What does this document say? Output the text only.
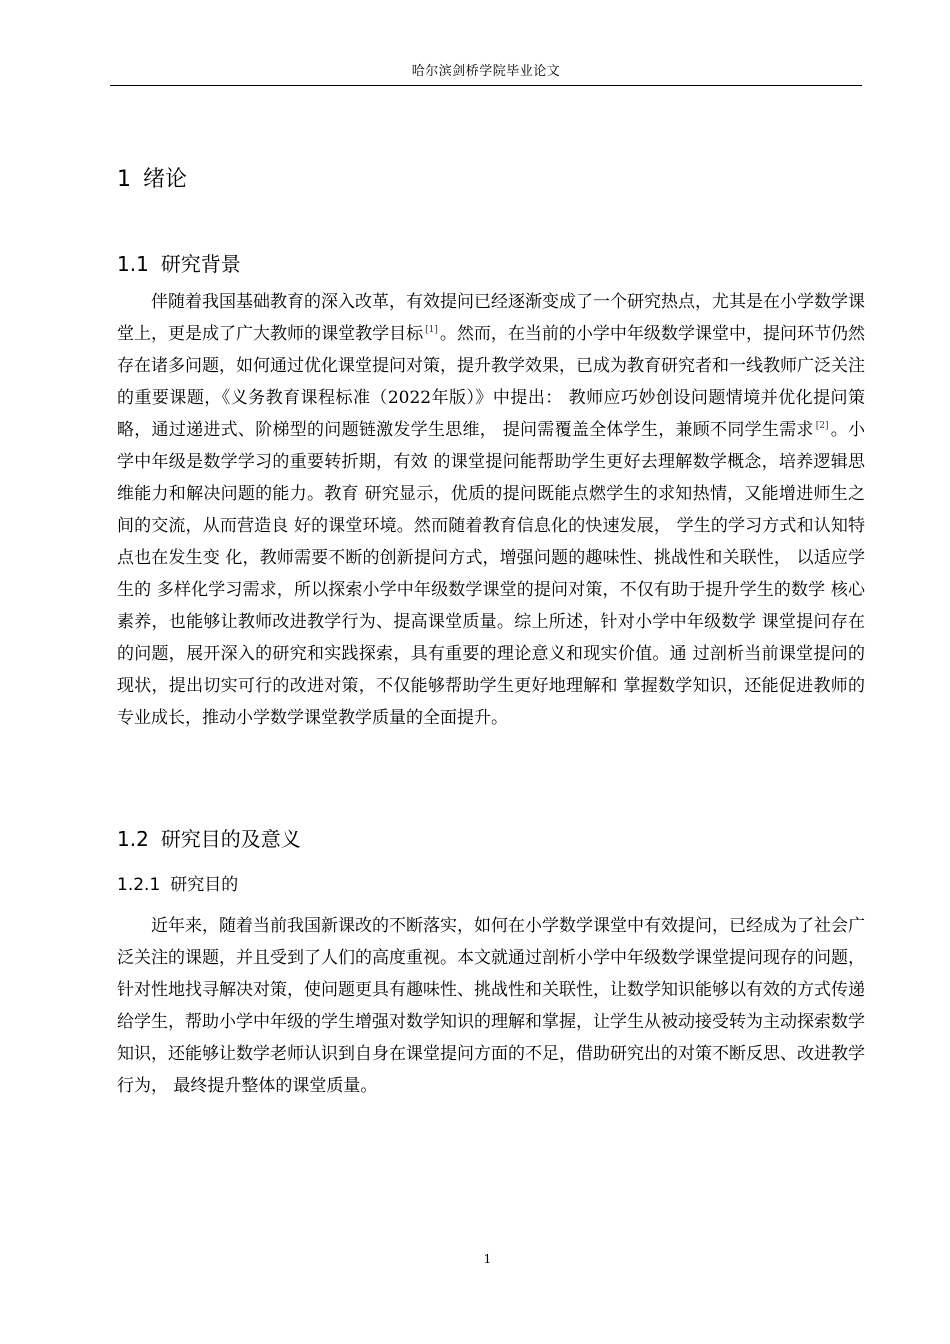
哈尔滨剑桥学院毕业论文
1 绪论
1.1 研究背景

伴随着我国基础教育的深入改革，有效提问已经逐渐变成了一个研究热点，尤其是在小学数学课堂上，更是成了广大教师的课堂教学目标 [1] 。然而，在当前的小学中年级数学课堂中，提问环节仍然存在诸多问题，如何通过优化课堂提问对策，提升教学效果，已成为教育研究者和一线教师广泛关注的重要课题，《义务教育课程标准（2022年版）》中提出： 教师应巧妙创设问题情境并优化提问策略，通过递进式、阶梯型的问题链激发学生思维， 提问需覆盖全体学生，兼顾不同学生需求 [2] 。小学中年级是数学学习的重要转折期，有效 的课堂提问能帮助学生更好去理解数学概念，培养逻辑思维能力和解决问题的能力。教育 研究显示，优质的提问既能点燃学生的求知热情，又能增进师生之间的交流，从而营造良 好的课堂环境。然而随着教育信息化的快速发展， 学生的学习方式和认知特点也在发生变 化，教师需要不断的创新提问方式，增强问题的趣味性、挑战性和关联性， 以适应学生的 多样化学习需求，所以探索小学中年级数学课堂的提问对策，不仅有助于提升学生的数学 核心素养，也能够让教师改进教学行为、提高课堂质量。综上所述，针对小学中年级数学 课堂提问存在的问题，展开深入的研究和实践探索，具有重要的理论意义和现实价值。通 过剖析当前课堂提问的现状，提出切实可行的改进对策，不仅能够帮助学生更好地理解和 掌握数学知识，还能促进教师的专业成长，推动小学数学课堂教学质量的全面提升。

1.2 研究目的及意义
1.2.1 研究目的

近年来，随着当前我国新课改的不断落实，如何在小学数学课堂中有效提问，已经成为了社会广泛关注的课题，并且受到了人们的高度重视。本文就通过剖析小学中年级数学课堂提问现存的问题，针对性地找寻解决对策，使问题更具有趣味性、挑战性和关联性，让数学知识能够以有效的方式传递给学生，帮助小学中年级的学生增强对数学知识的理解和掌握，让学生从被动接受转为主动探索数学知识，还能够让数学老师认识到自身在课堂提问方面的不足，借助研究出的对策不断反思、改进教学行为， 最终提升整体的课堂质量。

1
